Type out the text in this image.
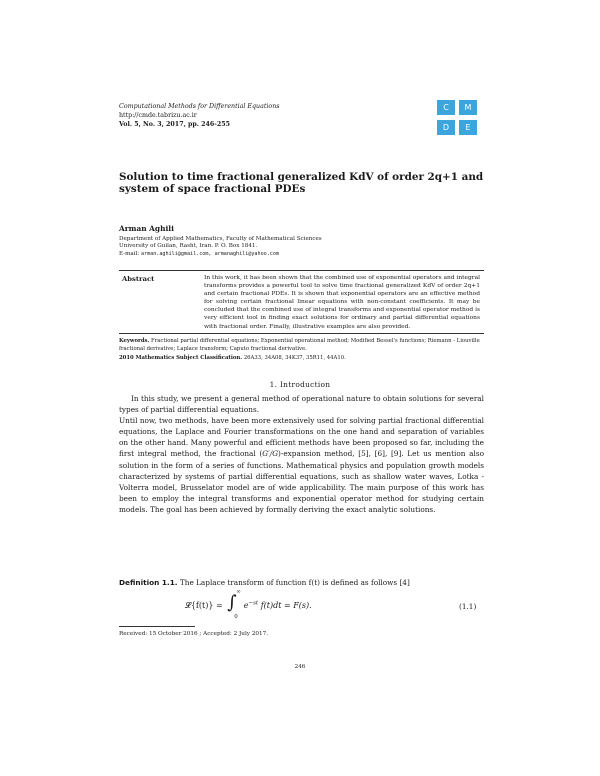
Computational Methods for Differential Equations
http://cmde.tabrizu.ac.ir
Vol. 5, No. 3, 2017, pp. 246-255
C	M
D	E
Solution to time fractional generalized KdV of order 2q+1 and system of space fractional PDEs
Arman Aghili
Department of Applied Mathematics, Faculty of Mathematical Sciences
University of Guilan, Rasht, Iran. P. O. Box 1841.
E-mail: arman.aghili@gmail.com, armanaghili@yahoo.com
Abstract	In this work, it has been shown that the combined use of exponential operators and integral transforms provides a powerful tool to solve time fractional generalized KdV of order 2q+1 and certain fractional PDEs. It is shown that exponential operators are an effective method for solving certain fractional linear equations with non-constant coefficients. It may be concluded that the combined use of integral transforms and exponential operator method is very efficient tool in finding exact solutions for ordinary and partial differential equations with fractional order. Finally, illustrative examples are also provided.
Keywords. Fractional partial differential equations; Exponential operational method; Modified Bessel's functions; Riemann - Liouville fractional derivative; Laplace transform; Caputo fractional derivative.
2010 Mathematics Subject Classification. 26A33, 34A08, 34K37, 35R11, 44A10.
1. Introduction

In this study, we present a general method of operational nature to obtain solutions for several types of partial differential equations.

Until now, two methods, have been more extensively used for solving partial fractional differential equations, the Laplace and Fourier transformations on the one hand and separation of variables on the other hand. Many powerful and efficient methods have been proposed so far, including the first integral method, the fractional (G′/G)-expansion method, [5], [6], [9]. Let us mention also solution in the form of a series of functions. Mathematical physics and population growth models characterized by systems of partial differential equations, such as shallow water waves, Lotka - Volterra model, Brusselator model are of wide applicability. The main purpose of this work has been to employ the integral transforms and exponential operator method for studying certain models. The goal has been achieved by formally deriving the exact analytic solutions.

Definition 1.1. The Laplace transform of function f(t) is defined as follows [4]
𝓛{f(t)} = ∫ ∞
0
$e^{-st}$ f(t)dt = F(s).	(1.1)
Received: 15 October 2016 ; Accepted: 2 July 2017.
246
